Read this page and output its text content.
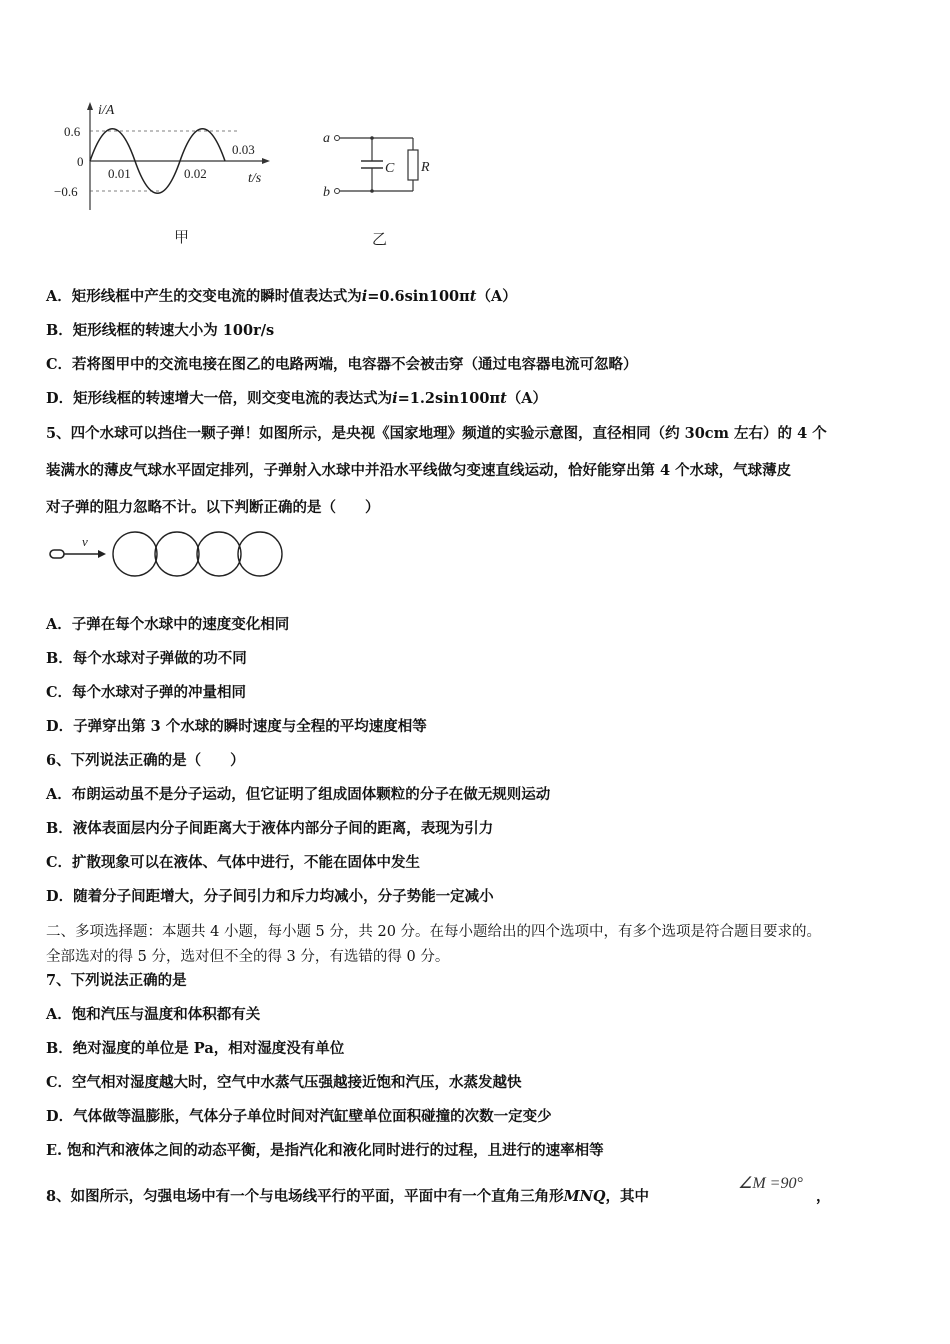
i/A
0.6
0
−0.6
0.01	0.02
0.03
t/s
甲
a
b
C R
乙
A．矩形线框中产生的交变电流的瞬时值表达式为i=0.6sin100πt（A）
B．矩形线框的转速大小为 100r/s
C．若将图甲中的交流电接在图乙的电路两端，电容器不会被击穿（通过电容器电流可忽略）
D．矩形线框的转速增大一倍，则交变电流的表达式为i=1.2sin100πt（A）
5、四个水球可以挡住一颗子弹！如图所示，是央视《国家地理》频道的实验示意图，直径相同（约 30cm 左右）的 4 个
装满水的薄皮气球水平固定排列，子弹射入水球中并沿水平线做匀变速直线运动，恰好能穿出第 4 个水球，气球薄皮
对子弹的阻力忽略不计。以下判断正确的是（　　）
v
A．子弹在每个水球中的速度变化相同
B．每个水球对子弹做的功不同
C．每个水球对子弹的冲量相同
D．子弹穿出第 3 个水球的瞬时速度与全程的平均速度相等
6、下列说法正确的是（　　）
A．布朗运动虽不是分子运动，但它证明了组成固体颗粒的分子在做无规则运动
B．液体表面层内分子间距离大于液体内部分子间的距离，表现为引力
C．扩散现象可以在液体、气体中进行，不能在固体中发生
D．随着分子间距增大，分子间引力和斥力均减小，分子势能一定减小
二、多项选择题：本题共 4 小题，每小题 5 分，共 20 分。在每小题给出的四个选项中，有多个选项是符合题目要求的。
全部选对的得 5 分，选对但不全的得 3 分，有选错的得 0 分。
7、下列说法正确的是
A．饱和汽压与温度和体积都有关
B．绝对湿度的单位是 Pa，相对湿度没有单位
C．空气相对湿度越大时，空气中水蒸气压强越接近饱和汽压，水蒸发越快
D．气体做等温膨胀，气体分子单位时间对汽缸壁单位面积碰撞的次数一定变少
E. 饱和汽和液体之间的动态平衡，是指汽化和液化同时进行的过程，且进行的速率相等
8、如图所示，匀强电场中有一个与电场线平行的平面，平面中有一个直角三角形MNQ，其中
∠M =90°
，
